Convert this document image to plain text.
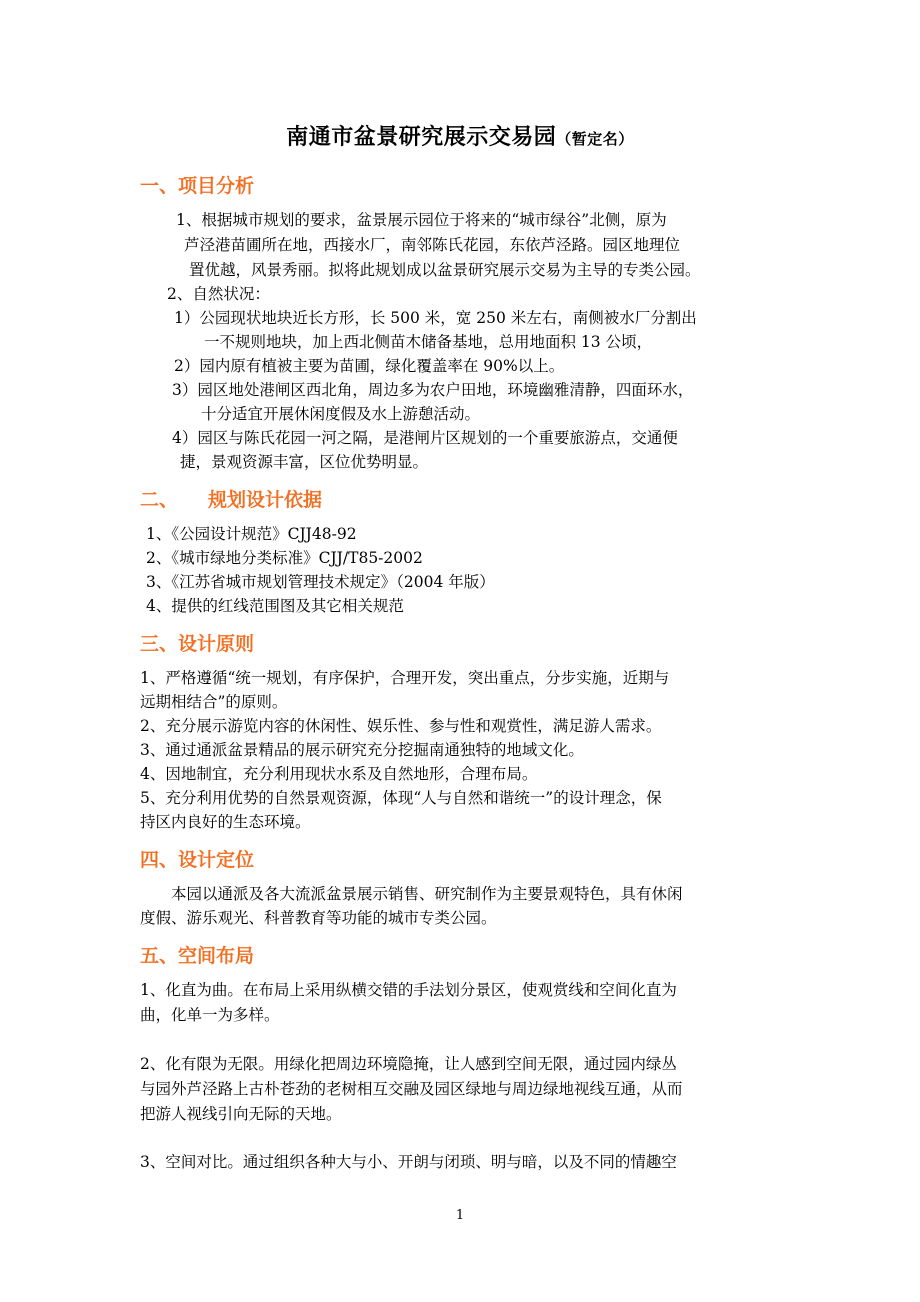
南通市盆景研究展示交易园（暂定名）
一、项目分析
1、根据城市规划的要求，盆景展示园位于将来的“城市绿谷”北侧，原为
芦泾港苗圃所在地，西接水厂，南邻陈氏花园，东依芦泾路。园区地理位
置优越，风景秀丽。拟将此规划成以盆景研究展示交易为主导的专类公园。
2、自然状况：
1）公园现状地块近长方形，长 500 米，宽 250 米左右，南侧被水厂分割出
一不规则地块，加上西北侧苗木储备基地，总用地面积 13 公顷，
2）园内原有植被主要为苗圃，绿化覆盖率在 90%以上。
3）园区地处港闸区西北角，周边多为农户田地，环境幽雅清静，四面环水，
十分适宜开展休闲度假及水上游憩活动。
4）园区与陈氏花园一河之隔，是港闸片区规划的一个重要旅游点，交通便
捷，景观资源丰富，区位优势明显。
二、 规划设计依据
1、《公园设计规范》CJJ48-92
2、《城市绿地分类标准》CJJ/T85-2002
3、《江苏省城市规划管理技术规定》（2004 年版）
4、提供的红线范围图及其它相关规范
三、设计原则
1、严格遵循“统一规划，有序保护，合理开发，突出重点，分步实施，近期与
远期相结合”的原则。
2、充分展示游览内容的休闲性、娱乐性、参与性和观赏性，满足游人需求。
3、通过通派盆景精品的展示研究充分挖掘南通独特的地域文化。
4、因地制宜，充分利用现状水系及自然地形，合理布局。
5、充分利用优势的自然景观资源，体现“人与自然和谐统一”的设计理念，保
持区内良好的生态环境。
四、设计定位
本园以通派及各大流派盆景展示销售、研究制作为主要景观特色，具有休闲
度假、游乐观光、科普教育等功能的城市专类公园。
五、空间布局
1、化直为曲。在布局上采用纵横交错的手法划分景区，使观赏线和空间化直为
曲，化单一为多样。
2、化有限为无限。用绿化把周边环境隐掩，让人感到空间无限，通过园内绿丛
与园外芦泾路上古朴苍劲的老树相互交融及园区绿地与周边绿地视线互通，从而
把游人视线引向无际的天地。
3、空间对比。通过组织各种大与小、开朗与闭琐、明与暗，以及不同的情趣空
1
